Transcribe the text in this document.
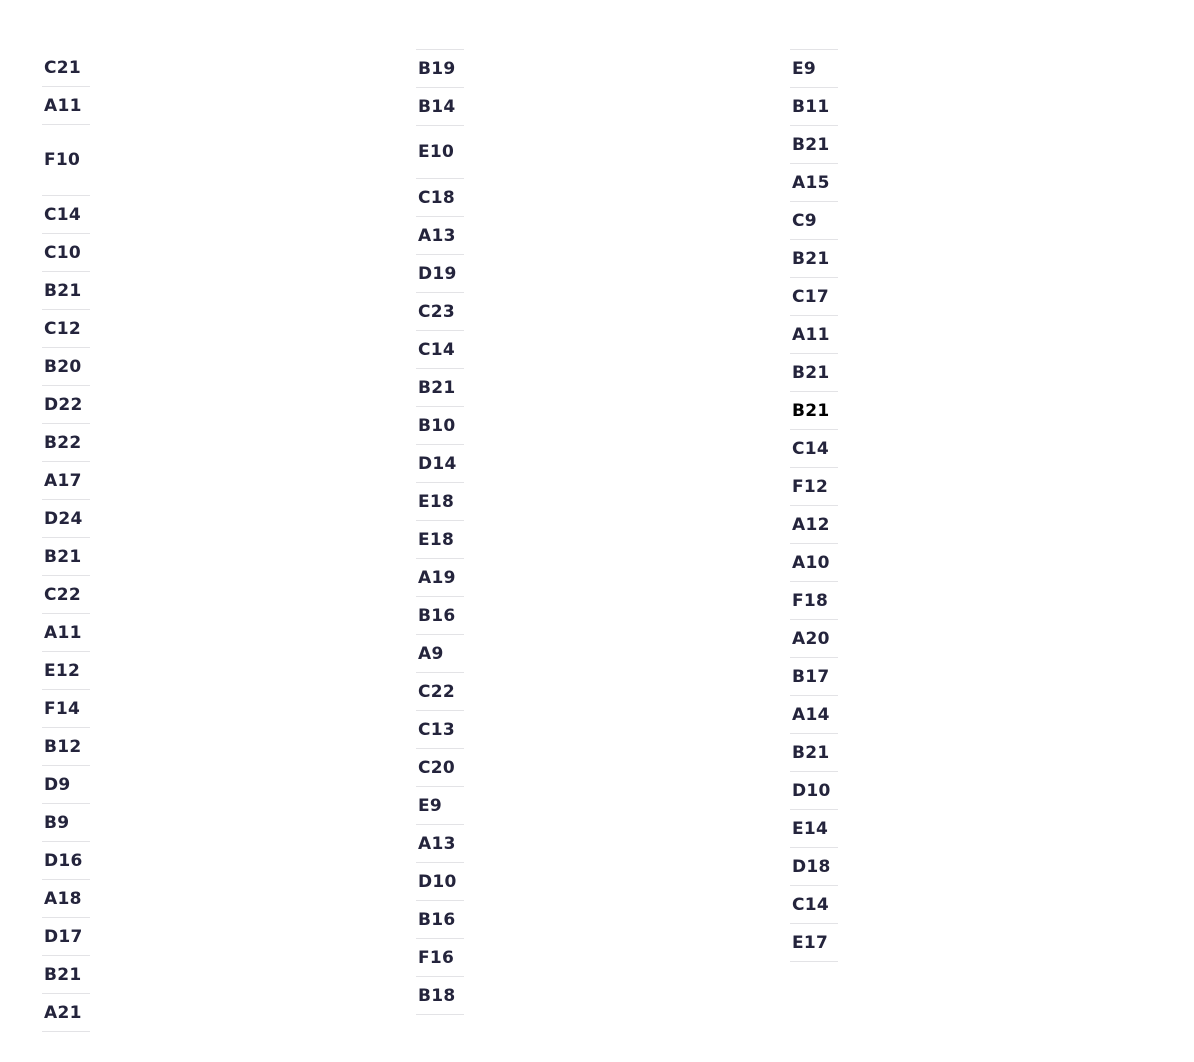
C21
A11
F10
C14
C10
B21
C12
B20
D22
B22
A17
D24
B21
C22
A11
E12
F14
B12
D9
B9
D16
A18
D17
B21
A21
B19
B14
E10
C18
A13
D19
C23
C14
B21
B10
D14
E18
E18
A19
B16
A9
C22
C13
C20
E9
A13
D10
B16
F16
B18
E9
B11
B21
A15
C9
B21
C17
A11
B21
B21
C14
F12
A12
A10
F18
A20
B17
A14
B21
D10
E14
D18
C14
E17
